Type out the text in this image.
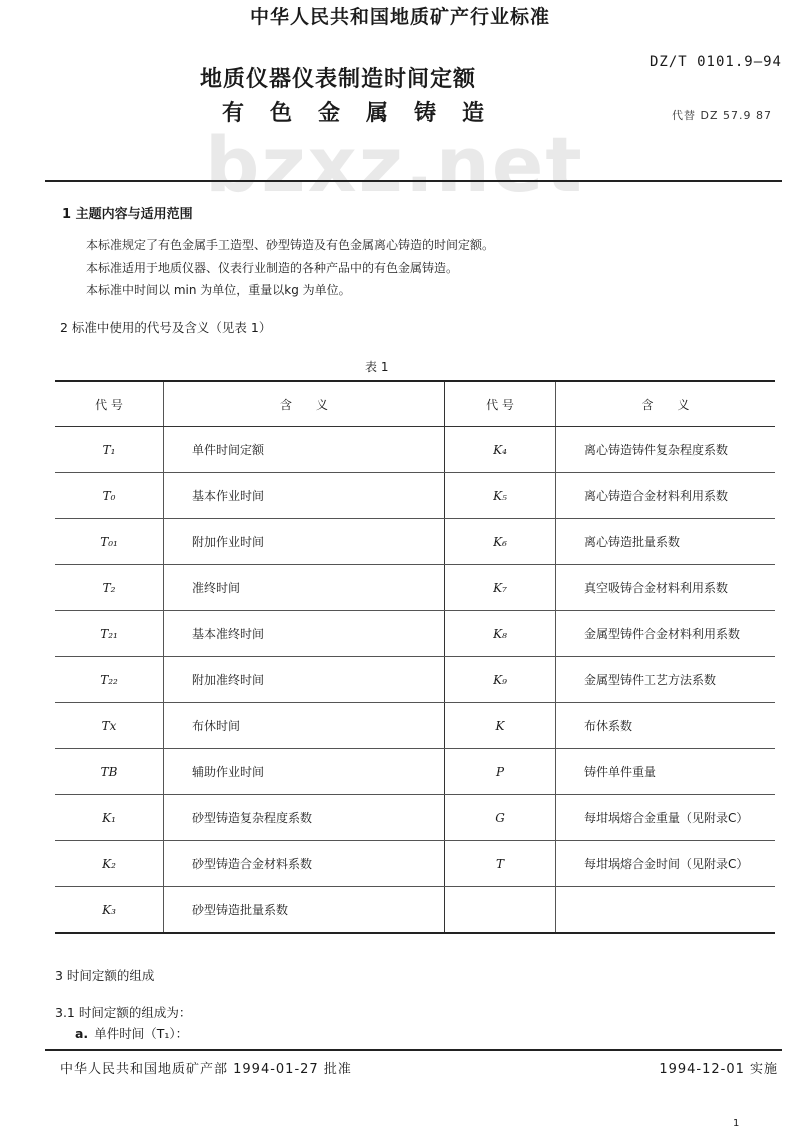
中华人民共和国地质矿产行业标准
地质仪器仪表制造时间定额
有色金属铸造
DZ/T 0101.9—94
代替 DZ 57.9 87
bzxz.net
1 主题内容与适用范围
本标准规定了有色金属手工造型、砂型铸造及有色金属离心铸造的时间定额。
本标准适用于地质仪器、仪表行业制造的各种产品中的有色金属铸造。
本标准中时间以 min 为单位，重量以kg 为单位。
2 标准中使用的代号及含义（见表 1）
表 1
代 号	含　　义	代 号	含　　义
T₁	单件时间定额	K₄	离心铸造铸件复杂程度系数
T₀	基本作业时间	K₅	离心铸造合金材料利用系数
T₀₁	附加作业时间	K₆	离心铸造批量系数
T₂	准终时间	K₇	真空吸铸合金材料利用系数
T₂₁	基本准终时间	K₈	金属型铸件合金材料利用系数
T₂₂	附加准终时间	K₉	金属型铸件工艺方法系数
Tx	布休时间	K	布休系数
TB	辅助作业时间	P	铸件单件重量
K₁	砂型铸造复杂程度系数	G	每坩埚熔合金重量（见附录C）
K₂	砂型铸造合金材料系数	T	每坩埚熔合金时间（见附录C）
K₃	砂型铸造批量系数		
3 时间定额的组成
3.1 时间定额的组成为：
a. 单件时间（T₁）：
中华人民共和国地质矿产部 1994-01-27 批准	1994-12-01 实施
1
